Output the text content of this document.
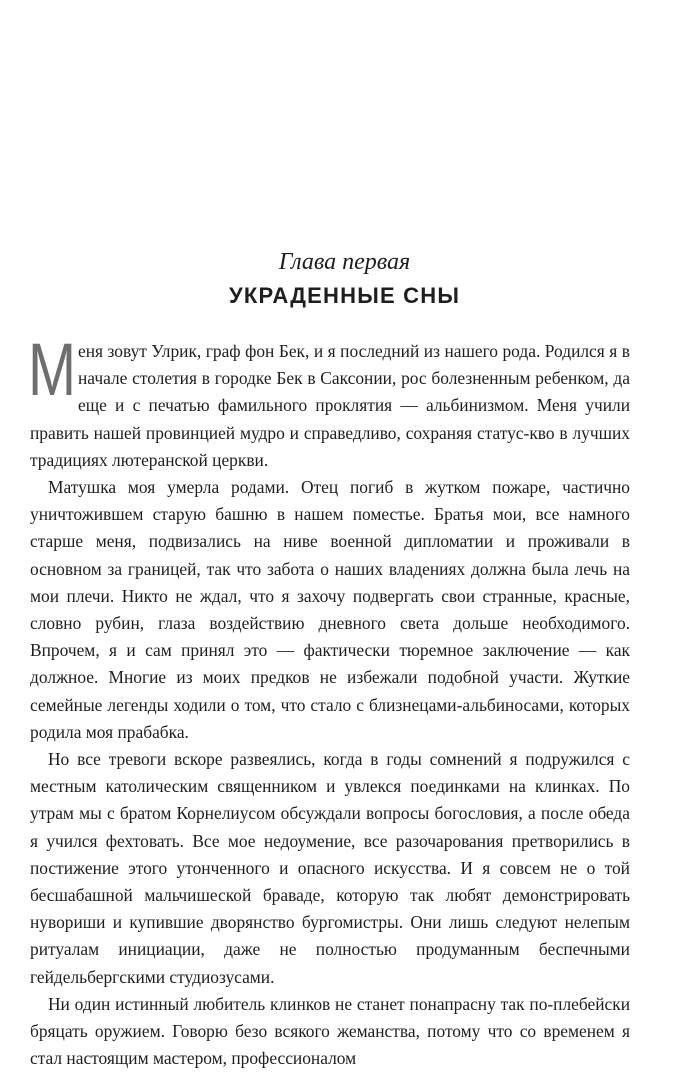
Глава первая

УКРАДЕННЫЕ СНЫ

Меня зовут Улрик, граф фон Бек, и я последний из нашего рода. Родился я в начале столетия в городке Бек в Саксонии, рос болезненным ребенком, да еще и с печатью фамильного проклятия — альбинизмом. Меня учили править нашей провинцией мудро и справедливо, сохраняя статус-кво в лучших традициях лютеранской церкви.

Матушка моя умерла родами. Отец погиб в жутком пожаре, частично уничтожившем старую башню в нашем поместье. Братья мои, все намного старше меня, подвизались на ниве военной дипломатии и проживали в основном за границей, так что забота о наших владениях должна была лечь на мои плечи. Никто не ждал, что я захочу подвергать свои странные, красные, словно рубин, глаза воздействию дневного света дольше необходимого. Впрочем, я и сам принял это — фактически тюремное заключение — как должное. Многие из моих предков не избежали подобной участи. Жуткие семейные легенды ходили о том, что стало с близнецами-альбиносами, которых родила моя прабабка.

Но все тревоги вскоре развеялись, когда в годы сомнений я подружился с местным католическим священником и увлекся поединками на клинках. По утрам мы с братом Корнелиусом обсуждали вопросы богословия, а после обеда я учился фехтовать. Все мое недоумение, все разочарования претворились в постижение этого утонченного и опасного искусства. И я совсем не о той бесшабашной мальчишеской браваде, которую так любят демонстрировать нувориши и купившие дворянство бургомистры. Они лишь следуют нелепым ритуалам инициации, даже не полностью продуманным беспечными гейдельбергскими студиозусами.

Ни один истинный любитель клинков не станет понапрасну так по-плебейски бряцать оружием. Говорю безо всякого жеманства, потому что со временем я стал настоящим мастером, профессионалом
